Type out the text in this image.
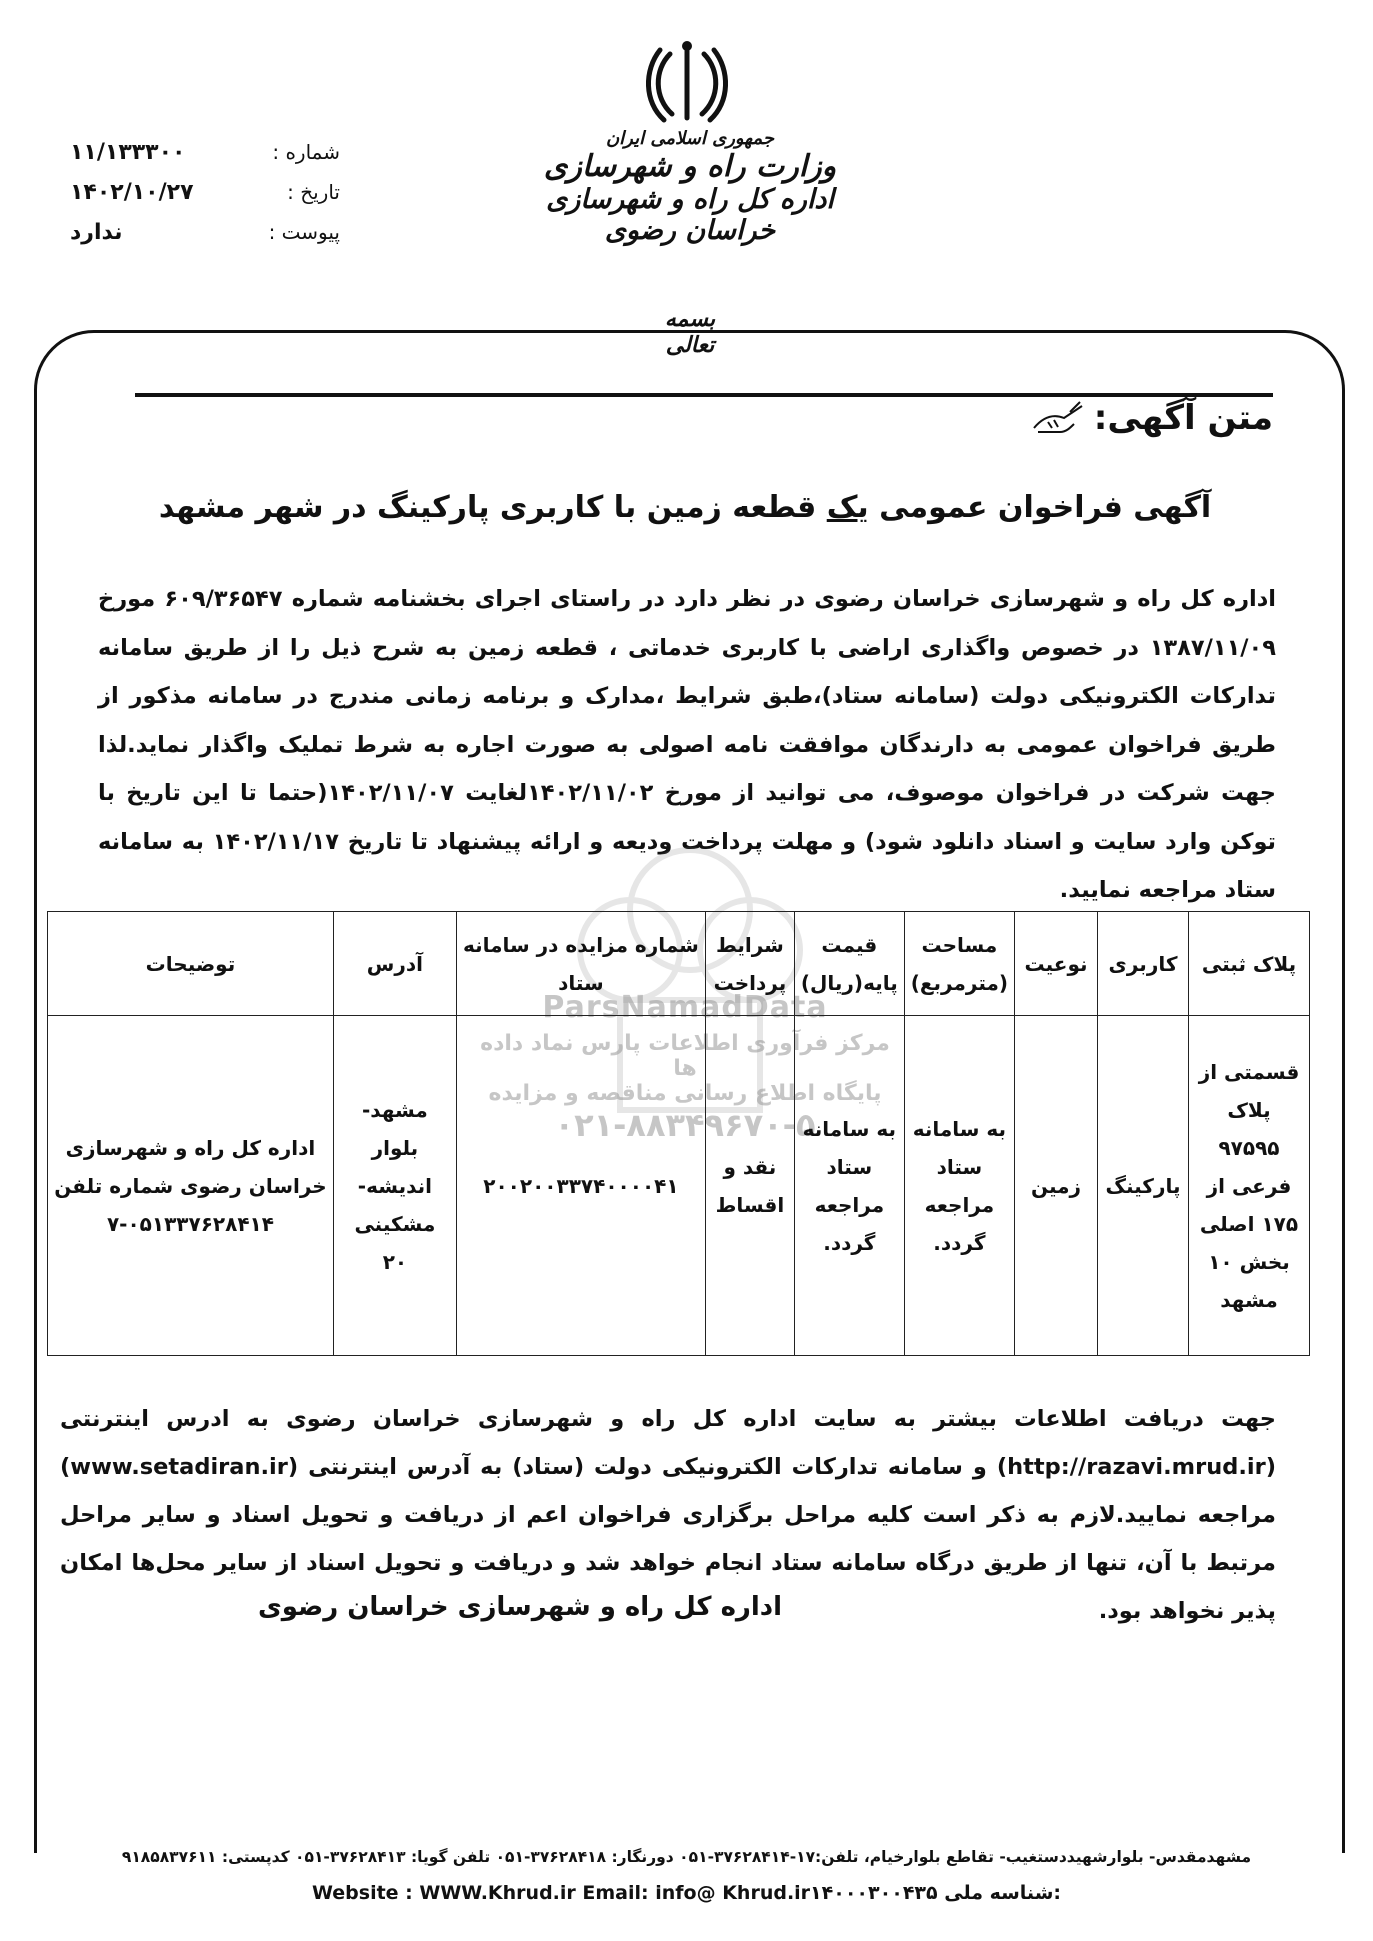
جمهوری اسلامی ایران
وزارت راه و شهرسازی
اداره کل راه و شهرسازی خراسان رضوی
شماره :
۱۱/۱۳۳۳۰۰
تاریخ :
۱۴۰۲/۱۰/۲۷
پیوست :
ندارد
بسمه تعالی
متن آگهی:
آگهی فراخوان عمومی یک قطعه زمین با کاربری پارکینگ در شهر مشهد
اداره کل راه و شهرسازی خراسان رضوی در نظر دارد در راستای اجرای بخشنامه شماره ۶۰۹/۳۶۵۴۷ مورخ ۱۳۸۷/۱۱/۰۹ در خصوص واگذاری اراضی با کاربری خدماتی ، قطعه زمین به شرح ذیل را از طریق سامانه تدارکات الکترونیکی دولت (سامانه ستاد)،طبق شرایط ،مدارک و برنامه زمانی مندرج در سامانه مذکور از طریق فراخوان عمومی به دارندگان موافقت نامه اصولی به صورت اجاره به شرط تملیک واگذار نماید.لذا جهت شرکت در فراخوان موصوف، می توانید از مورخ ۱۴۰۲/۱۱/۰۲لغایت ۱۴۰۲/۱۱/۰۷(حتما تا این تاریخ با توکن وارد سایت و اسناد دانلود شود) و مهلت پرداخت ودیعه و ارائه پیشنهاد تا تاریخ ۱۴۰۲/۱۱/۱۷ به سامانه ستاد مراجعه نمایید.
ParsNamadData
مرکز فرآوری اطلاعات پارس نماد داده ها
پایگاه اطلاع رسانی مناقصه و مزایده
۰۲۱-۸۸۳۴۹۶۷۰-۵
پلاک ثبتی	کاربری	نوعیت	مساحت (مترمربع)	قیمت پایه(ریال)	شرایط پرداخت	شماره مزایده در سامانه ستاد	آدرس	توضیحات
قسمتی از پلاک ۹۷۵۹۵ فرعی از ۱۷۵ اصلی بخش ۱۰ مشهد	پارکینگ	زمین	به سامانه ستاد مراجعه گردد.	به سامانه ستاد مراجعه گردد.	نقد و اقساط	۲۰۰۲۰۰۳۳۷۴۰۰۰۰۴۱	مشهد- بلوار اندیشه- مشکینی ۲۰	اداره کل راه و شهرسازی خراسان رضوی شماره تلفن ۰۵۱۳۳۷۶۲۸۴۱۴-۷
جهت دریافت اطلاعات بیشتر به سایت اداره کل راه و شهرسازی خراسان رضوی به ادرس اینترنتی (http://razavi.mrud.ir) و سامانه تدارکات الکترونیکی دولت (ستاد) به آدرس اینترنتی (www.setadiran.ir) مراجعه نمایید.لازم به ذکر است کلیه مراحل برگزاری فراخوان اعم از دریافت و تحویل اسناد و سایر مراحل مرتبط با آن، تنها از طریق درگاه سامانه ستاد انجام خواهد شد و دریافت و تحویل اسناد از سایر محل‌ها امکان پذیر نخواهد بود.
اداره کل راه و شهرسازی خراسان رضوی
مشهدمقدس- بلوارشهیددستغیب- تقاطع بلوارخیام، تلفن:۱۷-۳۷۶۲۸۴۱۴-۰۵۱ دورنگار: ۳۷۶۲۸۴۱۸-۰۵۱ تلفن گویا: ۳۷۶۲۸۴۱۳-۰۵۱ کدپستی: ۹۱۸۵۸۳۷۶۱۱
Website : WWW.Khrud.ir Email: info@ Khrud.ir۱۴۰۰۰۳۰۰۴۳۵ شناسه ملی:
